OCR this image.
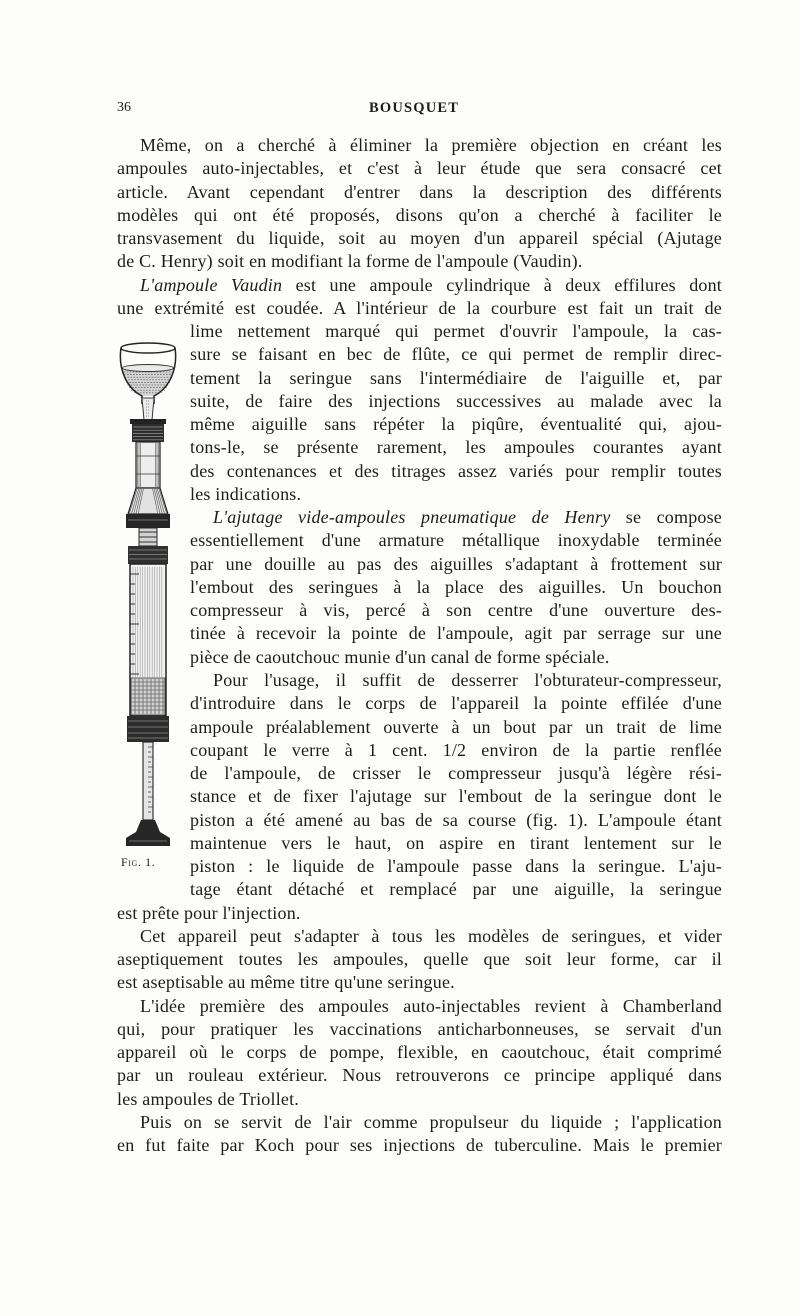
36	BOUSQUET
Même, on a cherché à éliminer la première objection en créant les
ampoules auto-injectables, et c'est à leur étude que sera consacré cet
article. Avant cependant d'entrer dans la description des différents
modèles qui ont été proposés, disons qu'on a cherché à faciliter le
transvasement du liquide, soit au moyen d'un appareil spécial (Ajutage
de C. Henry) soit en modifiant la forme de l'ampoule (Vaudin).
L'ampoule Vaudin est une ampoule cylindrique à deux effilures dont
une extrémité est coudée. A l'intérieur de la courbure est fait un trait de
lime nettement marqué qui permet d'ouvrir l'ampoule, la cas-
sure se faisant en bec de flûte, ce qui permet de remplir direc-
tement la seringue sans l'intermédiaire de l'aiguille et, par
suite, de faire des injections successives au malade avec la
même aiguille sans répéter la piqûre, éventualité qui, ajou-
tons-le, se présente rarement, les ampoules courantes ayant
des contenances et des titrages assez variés pour remplir toutes
les indications.
L'ajutage vide-ampoules pneumatique de Henry se compose
essentiellement d'une armature métallique inoxydable terminée
par une douille au pas des aiguilles s'adaptant à frottement sur
l'embout des seringues à la place des aiguilles. Un bouchon
compresseur à vis, percé à son centre d'une ouverture des-
tinée à recevoir la pointe de l'ampoule, agit par serrage sur une
pièce de caoutchouc munie d'un canal de forme spéciale.
Pour l'usage, il suffit de desserrer l'obturateur-compresseur,
d'introduire dans le corps de l'appareil la pointe effilée d'une
ampoule préalablement ouverte à un bout par un trait de lime
coupant le verre à 1 cent. 1/2 environ de la partie renflée
de l'ampoule, de crisser le compresseur jusqu'à légère rési-
stance et de fixer l'ajutage sur l'embout de la seringue dont le
piston a été amené au bas de sa course (fig. 1). L'ampoule étant
maintenue vers le haut, on aspire en tirant lentement sur le
piston : le liquide de l'ampoule passe dans la seringue. L'aju-
tage étant détaché et remplacé par une aiguille, la seringue
est prête pour l'injection.
Cet appareil peut s'adapter à tous les modèles de seringues, et vider
aseptiquement toutes les ampoules, quelle que soit leur forme, car il
est aseptisable au même titre qu'une seringue.
L'idée première des ampoules auto-injectables revient à Chamberland
qui, pour pratiquer les vaccinations anticharbonneuses, se servait d'un
appareil où le corps de pompe, flexible, en caoutchouc, était comprimé
par un rouleau extérieur. Nous retrouverons ce principe appliqué dans
les ampoules de Triollet.
Puis on se servit de l'air comme propulseur du liquide ; l'application
en fut faite par Koch pour ses injections de tuberculine. Mais le premier
Fig. 1.
